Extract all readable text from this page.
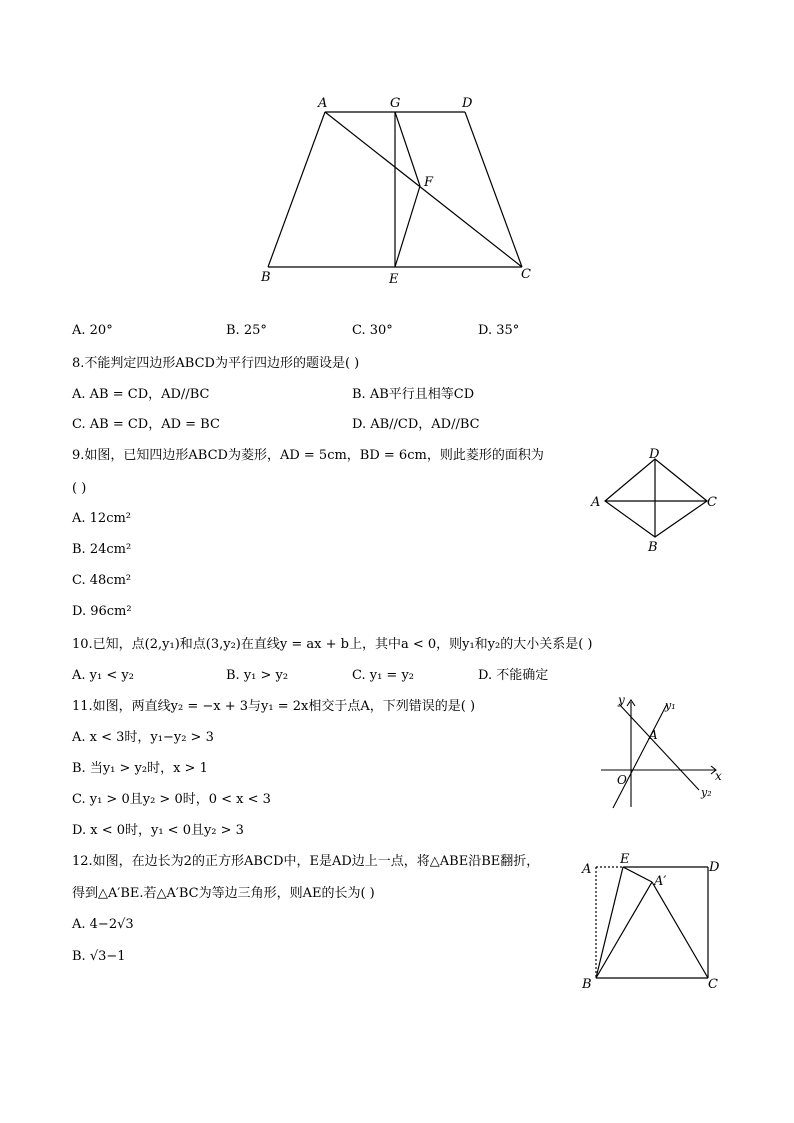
A	G	D
F
B	E	C
A. 20°	B. 25°	C. 30°	D. 35°
8.不能判定四边形ABCD为平行四边形的题设是( )
A. AB = CD，AD//BC	B. AB平行且相等CD
C. AB = CD，AD = BC	D. AB//CD，AD//BC
9.如图，已知四边形ABCD为菱形，AD = 5cm，BD = 6cm，则此菱形的面积为
( )
A. 12cm²
B. 24cm²
C. 48cm²
D. 96cm²
D
A	C
B
10.已知，点(2,y₁)和点(3,y₂)在直线y = ax + b上，其中a < 0，则y₁和y₂的大小关系是( )
A. y₁ < y₂	B. y₁ > y₂	C. y₁ = y₂	D. 不能确定
11.如图，两直线y₂ = −x + 3与y₁ = 2x相交于点A，下列错误的是( )
A. x < 3时，y₁−y₂ > 3
B. 当y₁ > y₂时，x > 1
C. y₁ > 0且y₂ > 0时，0 < x < 3
D. x < 0时，y₁ < 0且y₂ > 3
y	y₁
A
O	x
y₂
12.如图，在边长为2的正方形ABCD中，E是AD边上一点，将△ABE沿BE翻折，
得到△A′BE.若△A′BC为等边三角形，则AE的长为( )
A. 4−2√3
B. √3−1
A
E
D
A′
B	C
